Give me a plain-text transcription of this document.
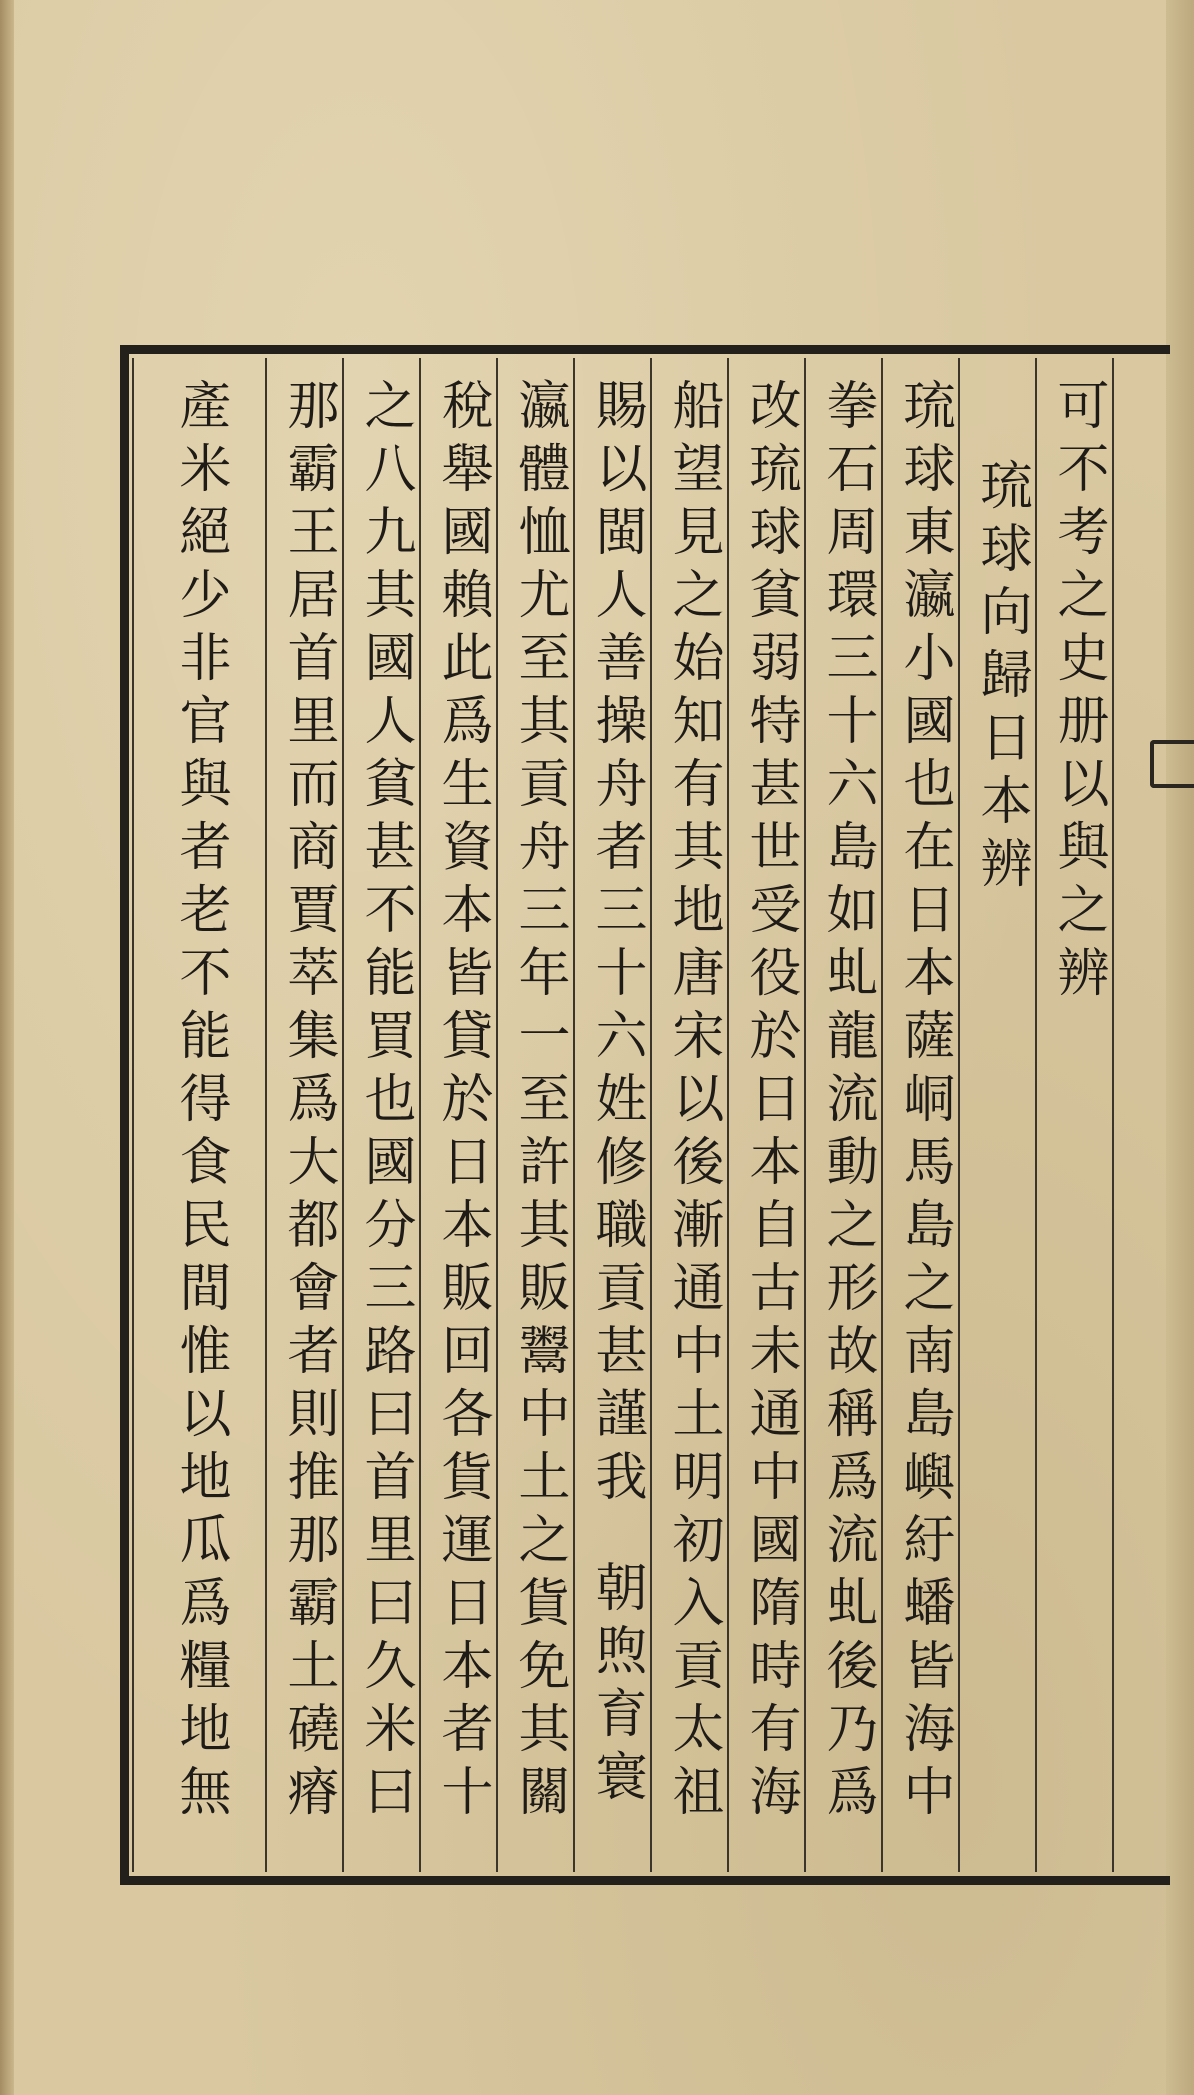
可不考之史册以與之辨
琉球向歸日本辨
琉球東瀛小國也在日本薩峒馬島之南島嶼紆蟠皆海中
拳石周環三十六島如虬龍流動之形故稱爲流虬後乃爲
改琉球貧弱特甚世受役於日本自古未通中國隋時有海
船望見之始知有其地唐宋以後漸通中土明初入貢太祖
賜以閩人善操舟者三十六姓修職貢甚謹我朝煦育寰
瀛體恤尤至其貢舟三年一至許其販鬻中土之貨免其關
稅舉國賴此爲生資本皆貸於日本販回各貨運日本者十
之八九其國人貧甚不能買也國分三路曰首里曰久米曰
那霸王居首里而商賈萃集爲大都會者則推那霸土磽瘠
產米絕少非官與者老不能得食民間惟以地瓜爲糧地無
